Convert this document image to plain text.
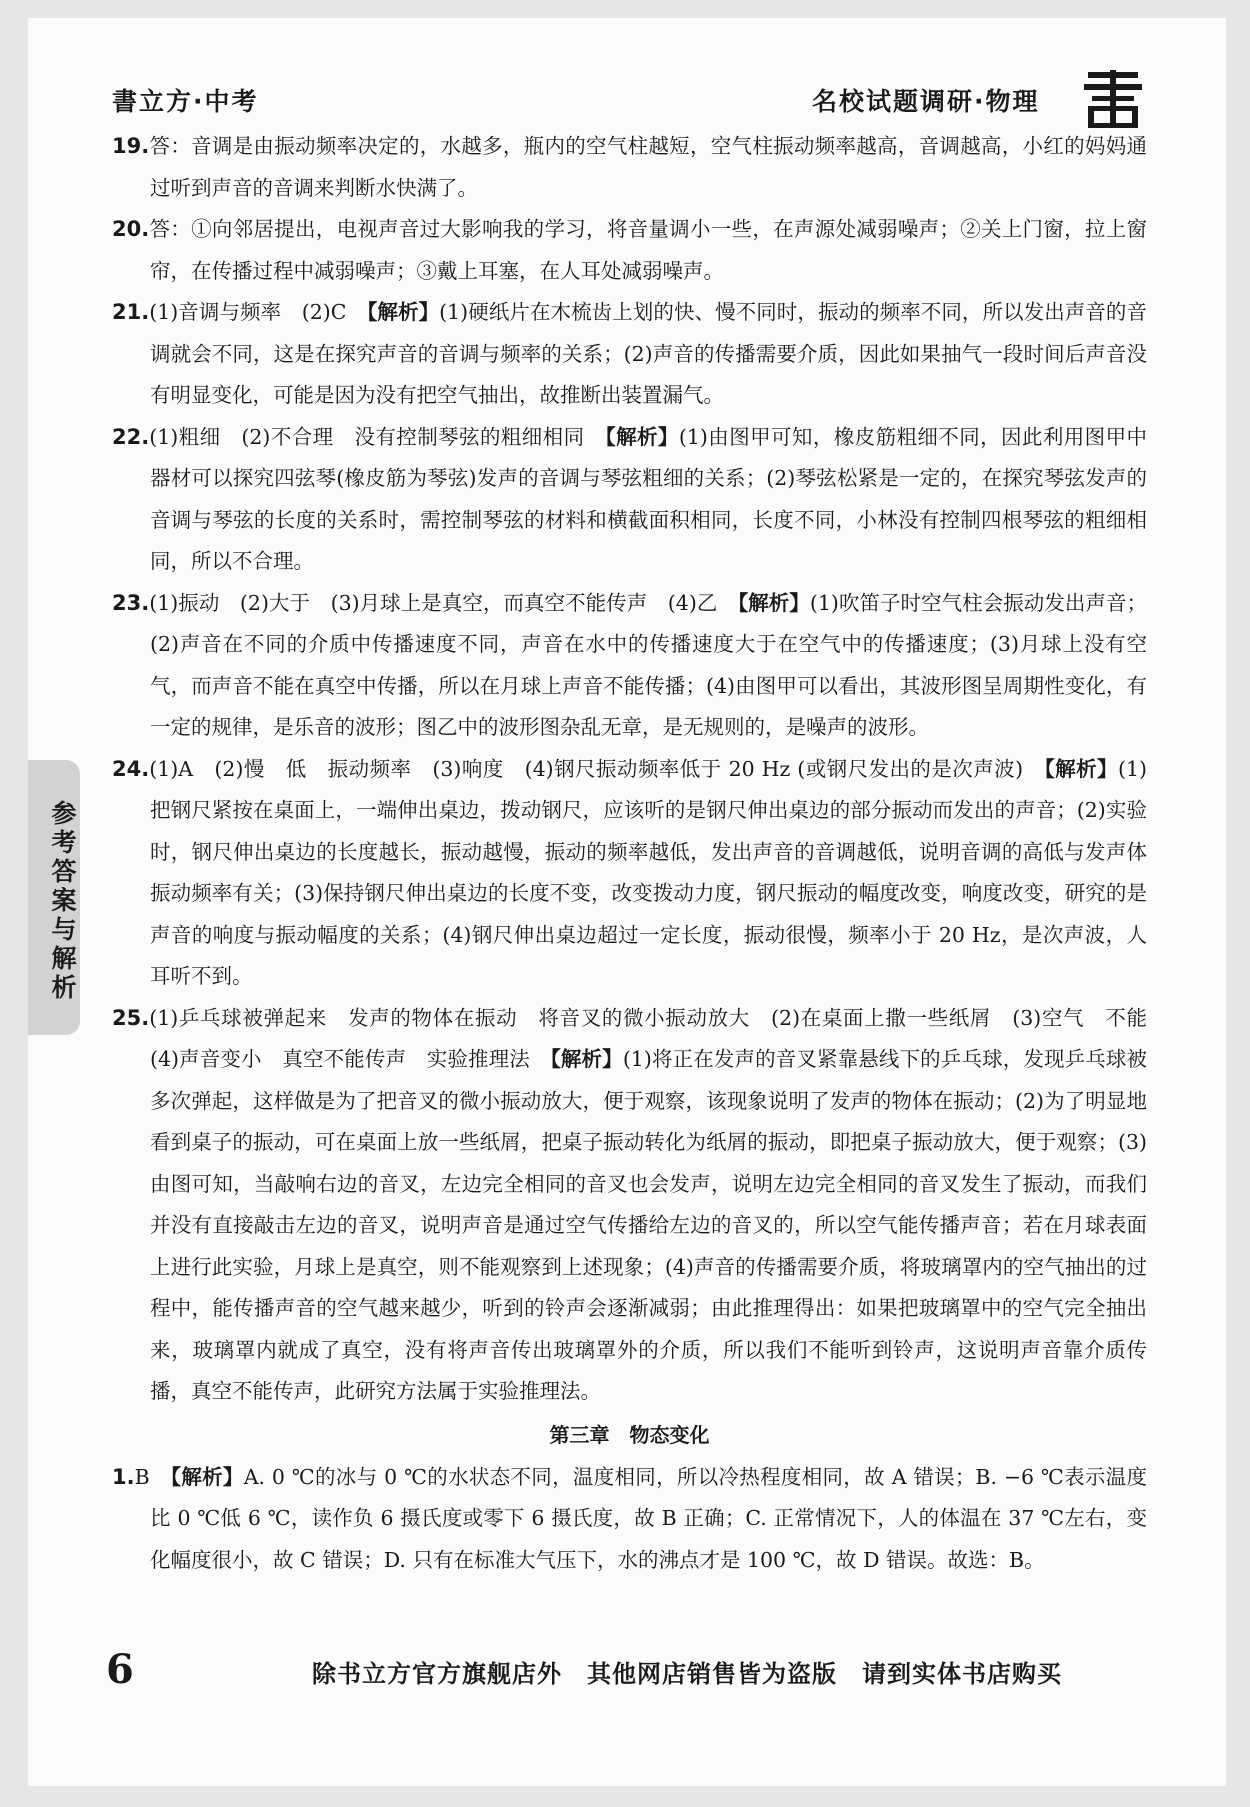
書立方·中考	名校试题调研·物理
参考答案与解析

19.答：音调是由振动频率决定的，水越多，瓶内的空气柱越短，空气柱振动频率越高，音调越高，小红的妈妈通过听到声音的音调来判断水快满了。

20.答：①向邻居提出，电视声音过大影响我的学习，将音量调小一些，在声源处减弱噪声；②关上门窗，拉上窗帘，在传播过程中减弱噪声；③戴上耳塞，在人耳处减弱噪声。

21.(1)音调与频率　(2)C　【解析】(1)硬纸片在木梳齿上划的快、慢不同时，振动的频率不同，所以发出声音的音调就会不同，这是在探究声音的音调与频率的关系；(2)声音的传播需要介质，因此如果抽气一段时间后声音没有明显变化，可能是因为没有把空气抽出，故推断出装置漏气。

22.(1)粗细　(2)不合理　没有控制琴弦的粗细相同　【解析】(1)由图甲可知，橡皮筋粗细不同，因此利用图甲中器材可以探究四弦琴(橡皮筋为琴弦)发声的音调与琴弦粗细的关系；(2)琴弦松紧是一定的，在探究琴弦发声的音调与琴弦的长度的关系时，需控制琴弦的材料和横截面积相同，长度不同，小林没有控制四根琴弦的粗细相同，所以不合理。

23.(1)振动　(2)大于　(3)月球上是真空，而真空不能传声　(4)乙　【解析】(1)吹笛子时空气柱会振动发出声音；(2)声音在不同的介质中传播速度不同，声音在水中的传播速度大于在空气中的传播速度；(3)月球上没有空气，而声音不能在真空中传播，所以在月球上声音不能传播；(4)由图甲可以看出，其波形图呈周期性变化，有一定的规律，是乐音的波形；图乙中的波形图杂乱无章，是无规则的，是噪声的波形。

24.(1)A　(2)慢　低　振动频率　(3)响度　(4)钢尺振动频率低于 20 Hz (或钢尺发出的是次声波)　【解析】(1)把钢尺紧按在桌面上，一端伸出桌边，拨动钢尺，应该听的是钢尺伸出桌边的部分振动而发出的声音；(2)实验时，钢尺伸出桌边的长度越长，振动越慢，振动的频率越低，发出声音的音调越低，说明音调的高低与发声体振动频率有关；(3)保持钢尺伸出桌边的长度不变，改变拨动力度，钢尺振动的幅度改变，响度改变，研究的是声音的响度与振动幅度的关系；(4)钢尺伸出桌边超过一定长度，振动很慢，频率小于 20 Hz，是次声波，人耳听不到。

25.(1)乒乓球被弹起来　发声的物体在振动　将音叉的微小振动放大　(2)在桌面上撒一些纸屑　(3)空气　不能　(4)声音变小　真空不能传声　实验推理法　【解析】(1)将正在发声的音叉紧靠悬线下的乒乓球，发现乒乓球被多次弹起，这样做是为了把音叉的微小振动放大，便于观察，该现象说明了发声的物体在振动；(2)为了明显地看到桌子的振动，可在桌面上放一些纸屑，把桌子振动转化为纸屑的振动，即把桌子振动放大，便于观察；(3)由图可知，当敲响右边的音叉，左边完全相同的音叉也会发声，说明左边完全相同的音叉发生了振动，而我们并没有直接敲击左边的音叉，说明声音是通过空气传播给左边的音叉的，所以空气能传播声音；若在月球表面上进行此实验，月球上是真空，则不能观察到上述现象；(4)声音的传播需要介质，将玻璃罩内的空气抽出的过程中，能传播声音的空气越来越少，听到的铃声会逐渐减弱；由此推理得出：如果把玻璃罩中的空气完全抽出来，玻璃罩内就成了真空，没有将声音传出玻璃罩外的介质，所以我们不能听到铃声，这说明声音靠介质传播，真空不能传声，此研究方法属于实验推理法。

第三章　物态变化

1.B　【解析】A. 0 ℃的冰与 0 ℃的水状态不同，温度相同，所以冷热程度相同，故 A 错误；B. −6 ℃表示温度比 0 ℃低 6 ℃，读作负 6 摄氏度或零下 6 摄氏度，故 B 正确；C. 正常情况下，人的体温在 37 ℃左右，变化幅度很小，故 C 错误；D. 只有在标准大气压下，水的沸点才是 100 ℃，故 D 错误。故选：B。

6	除书立方官方旗舰店外　其他网店销售皆为盗版　请到实体书店购买
